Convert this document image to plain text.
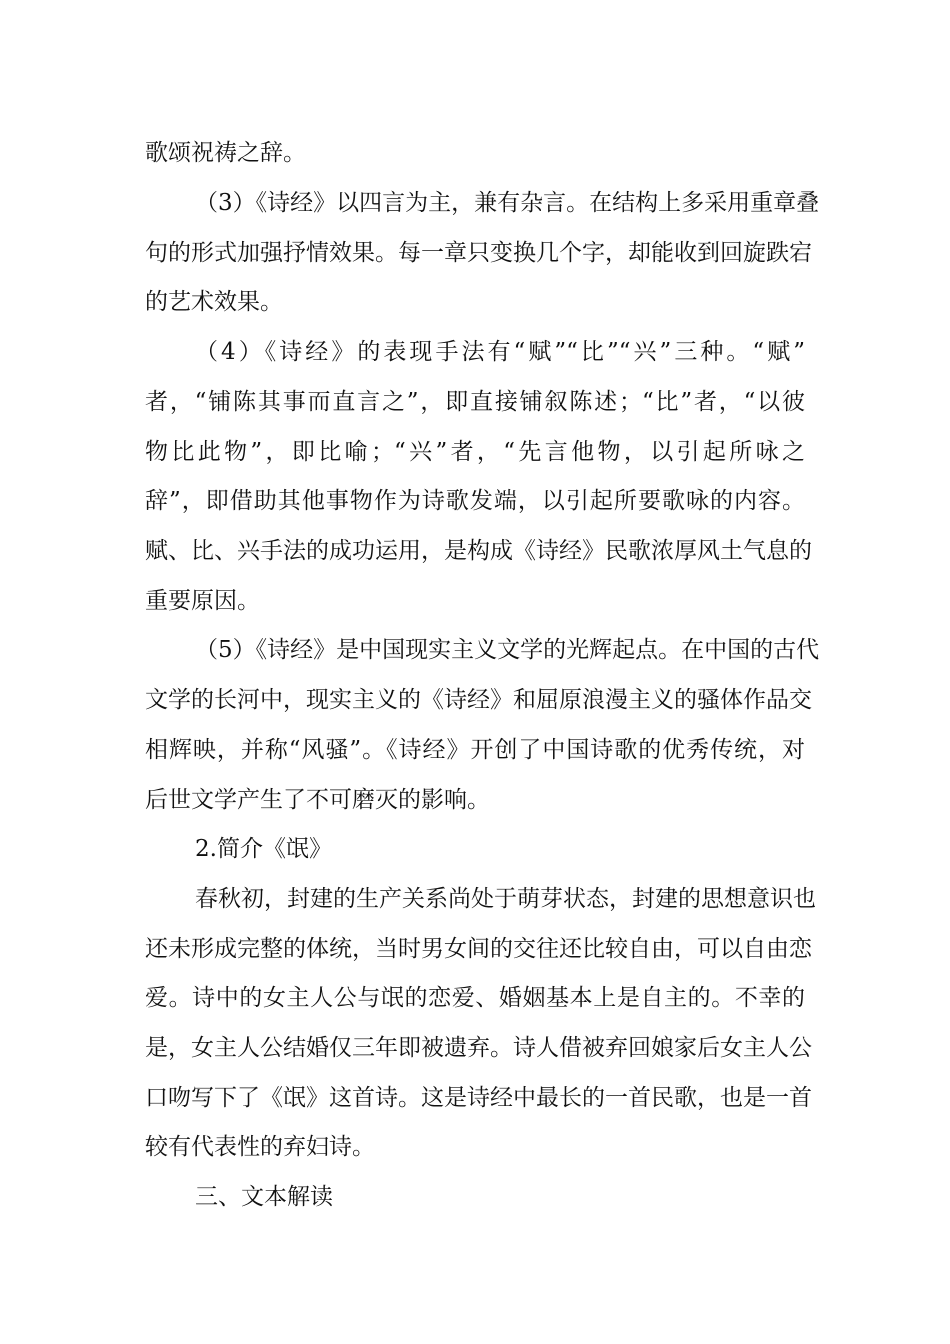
歌颂祝祷之辞。
（3）《诗经》以四言为主，兼有杂言。在结构上多采用重章叠
句的形式加强抒情效果。每一章只变换几个字，却能收到回旋跌宕
的艺术效果。
（4）《诗经》的表现手法有“赋”“比”“兴”三种。“赋”
者，“铺陈其事而直言之”，即直接铺叙陈述；“比”者，“以彼
物比此物”，即比喻；“兴”者，“先言他物，以引起所咏之
辞”，即借助其他事物作为诗歌发端，以引起所要歌咏的内容。
赋、比、兴手法的成功运用，是构成《诗经》民歌浓厚风土气息的
重要原因。
（5）《诗经》是中国现实主义文学的光辉起点。在中国的古代
文学的长河中，现实主义的《诗经》和屈原浪漫主义的骚体作品交
相辉映，并称“风骚”。《诗经》开创了中国诗歌的优秀传统，对
后世文学产生了不可磨灭的影响。
2.简介《氓》
春秋初，封建的生产关系尚处于萌芽状态，封建的思想意识也
还未形成完整的体统，当时男女间的交往还比较自由，可以自由恋
爱。诗中的女主人公与氓的恋爱、婚姻基本上是自主的。不幸的
是，女主人公结婚仅三年即被遗弃。诗人借被弃回娘家后女主人公
口吻写下了《氓》这首诗。这是诗经中最长的一首民歌，也是一首
较有代表性的弃妇诗。
三、文本解读
